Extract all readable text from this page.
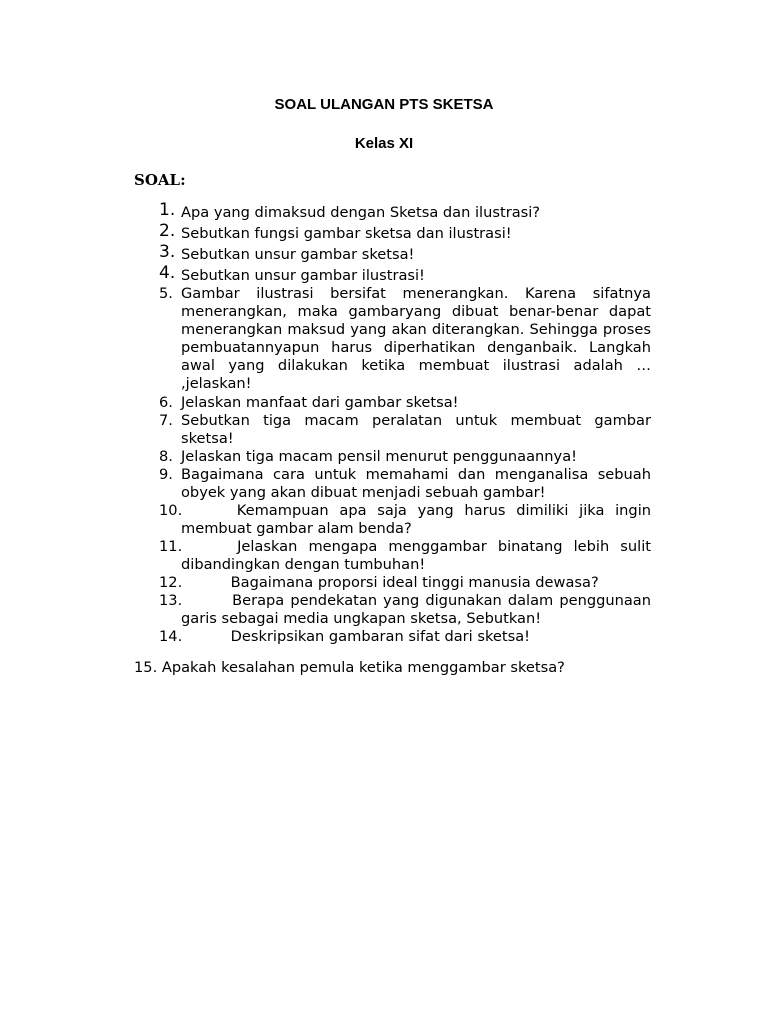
SOAL ULANGAN PTS SKETSA
Kelas XI
SOAL:
1. Apa yang dimaksud dengan Sketsa dan ilustrasi?
2. Sebutkan fungsi gambar sketsa dan ilustrasi!
3. Sebutkan unsur gambar sketsa!
4. Sebutkan unsur gambar ilustrasi!
5. Gambar ilustrasi bersifat menerangkan. Karena sifatnya menerangkan, maka gambaryang dibuat benar-benar dapat menerangkan maksud yang akan diterangkan. Sehingga proses pembuatannyapun harus diperhatikan denganbaik. Langkah awal yang dilakukan ketika membuat ilustrasi adalah … ,jelaskan!
6. Jelaskan manfaat dari gambar sketsa!
7. Sebutkan tiga macam peralatan untuk membuat gambar sketsa!
8. Jelaskan tiga macam pensil menurut penggunaannya!
9. Bagaimana cara untuk memahami dan menganalisa sebuah obyek yang akan dibuat menjadi sebuah gambar!
10.	Kemampuan apa saja yang harus dimiliki jika ingin membuat gambar alam benda?
11.	Jelaskan mengapa menggambar binatang lebih sulit dibandingkan dengan tumbuhan!
12.	Bagaimana proporsi ideal tinggi manusia dewasa?
13.	Berapa pendekatan yang digunakan dalam penggunaan garis sebagai media ungkapan sketsa, Sebutkan!
14.	Deskripsikan gambaran sifat dari sketsa!
15. Apakah kesalahan pemula ketika menggambar sketsa?
